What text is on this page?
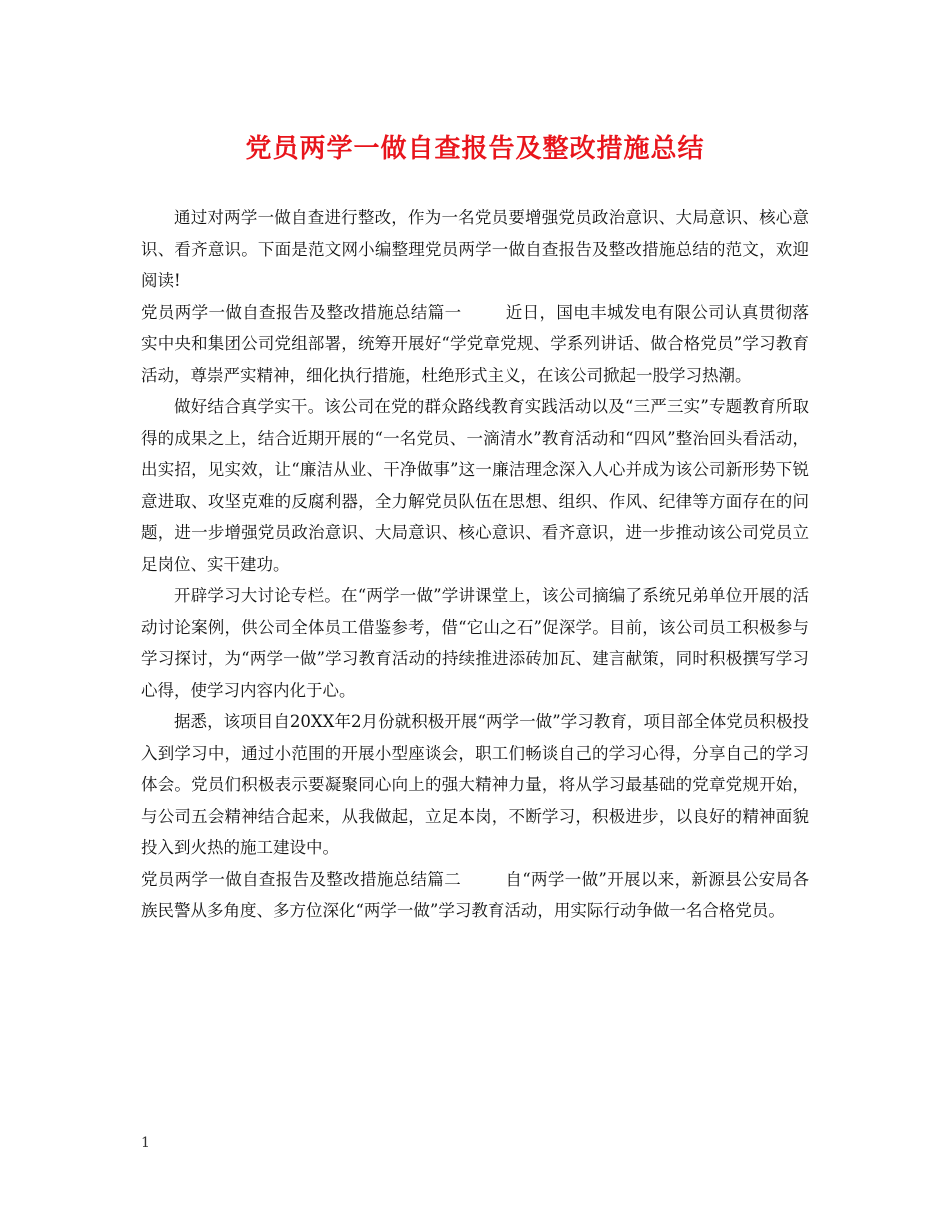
党员两学一做自查报告及整改措施总结

通过对两学一做自查进行整改，作为一名党员要增强党员政治意识、大局意识、核心意识、看齐意识。下面是范文网小编整理党员两学一做自查报告及整改措施总结的范文，欢迎阅读!

党员两学一做自查报告及整改措施总结篇一	近日，国电丰城发电有限公司认真贯彻落实中央和集团公司党组部署，统筹开展好“学党章党规、学系列讲话、做合格党员”学习教育活动，尊崇严实精神，细化执行措施，杜绝形式主义，在该公司掀起一股学习热潮。

做好结合真学实干。该公司在党的群众路线教育实践活动以及“三严三实”专题教育所取得的成果之上，结合近期开展的“一名党员、一滴清水”教育活动和“四风”整治回头看活动，出实招，见实效，让“廉洁从业、干净做事”这一廉洁理念深入人心并成为该公司新形势下锐意进取、攻坚克难的反腐利器，全力解党员队伍在思想、组织、作风、纪律等方面存在的问题，进一步增强党员政治意识、大局意识、核心意识、看齐意识，进一步推动该公司党员立足岗位、实干建功。

开辟学习大讨论专栏。在“两学一做”学讲课堂上，该公司摘编了系统兄弟单位开展的活动讨论案例，供公司全体员工借鉴参考，借“它山之石”促深学。目前，该公司员工积极参与学习探讨，为“两学一做”学习教育活动的持续推进添砖加瓦、建言献策，同时积极撰写学习心得，使学习内容内化于心。

据悉，该项目自20XX年2月份就积极开展“两学一做”学习教育，项目部全体党员积极投入到学习中，通过小范围的开展小型座谈会，职工们畅谈自己的学习心得，分享自己的学习体会。党员们积极表示要凝聚同心向上的强大精神力量，将从学习最基础的党章党规开始，与公司五会精神结合起来，从我做起，立足本岗，不断学习，积极进步，以良好的精神面貌投入到火热的施工建设中。

党员两学一做自查报告及整改措施总结篇二	自“两学一做”开展以来，新源县公安局各族民警从多角度、多方位深化“两学一做”学习教育活动，用实际行动争做一名合格党员。

1
